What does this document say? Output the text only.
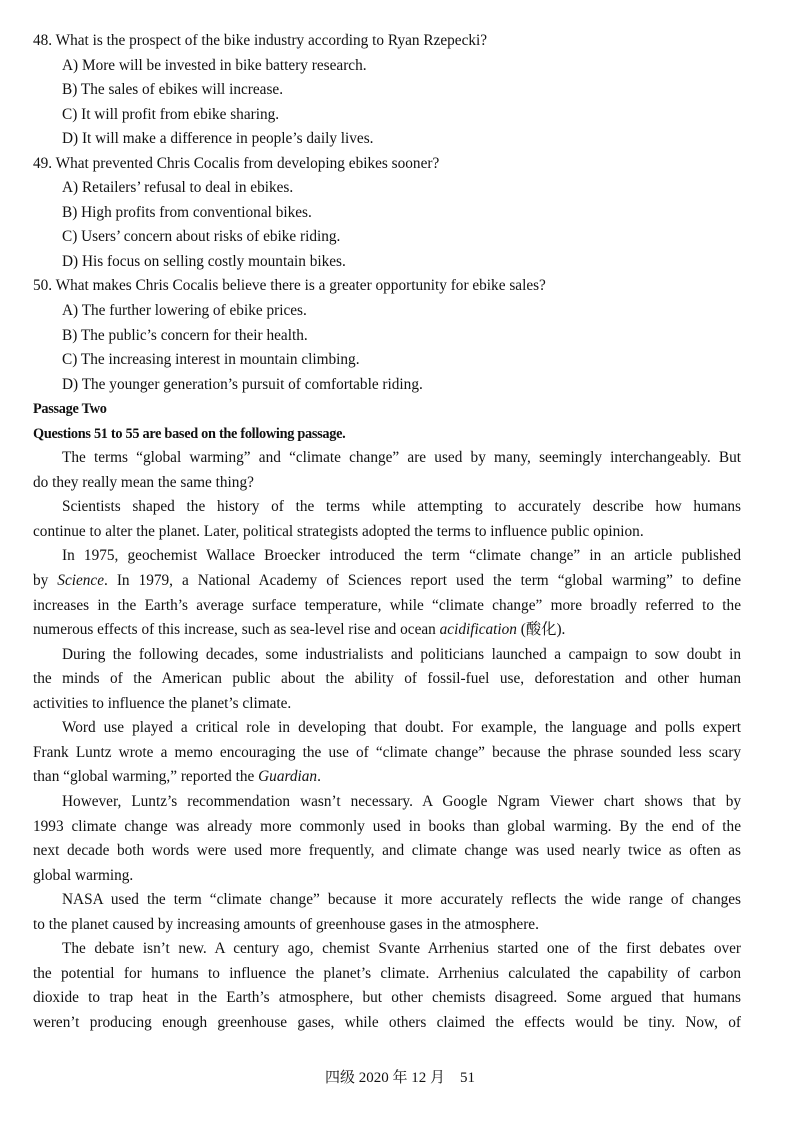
48. What is the prospect of the bike industry according to Ryan Rzepecki?
A) More will be invested in bike battery research.
B) The sales of ebikes will increase.
C) It will profit from ebike sharing.
D) It will make a difference in people’s daily lives.
49. What prevented Chris Cocalis from developing ebikes sooner?
A) Retailers’ refusal to deal in ebikes.
B) High profits from conventional bikes.
C) Users’ concern about risks of ebike riding.
D) His focus on selling costly mountain bikes.
50. What makes Chris Cocalis believe there is a greater opportunity for ebike sales?
A) The further lowering of ebike prices.
B) The public’s concern for their health.
C) The increasing interest in mountain climbing.
D) The younger generation’s pursuit of comfortable riding.
Passage Two
Questions 51 to 55 are based on the following passage.
The terms “global warming” and “climate change” are used by many, seemingly interchangeably. But
do they really mean the same thing?
Scientists shaped the history of the terms while attempting to accurately describe how humans
continue to alter the planet. Later, political strategists adopted the terms to influence public opinion.
In 1975, geochemist Wallace Broecker introduced the term “climate change” in an article published
by Science. In 1979, a National Academy of Sciences report used the term “global warming” to define
increases in the Earth’s average surface temperature, while “climate change” more broadly referred to the
numerous effects of this increase, such as sea-level rise and ocean acidification (酸化).
During the following decades, some industrialists and politicians launched a campaign to sow doubt in
the minds of the American public about the ability of fossil-fuel use, deforestation and other human
activities to influence the planet’s climate.
Word use played a critical role in developing that doubt. For example, the language and polls expert
Frank Luntz wrote a memo encouraging the use of “climate change” because the phrase sounded less scary
than “global warming,” reported the Guardian.
However, Luntz’s recommendation wasn’t necessary. A Google Ngram Viewer chart shows that by
1993 climate change was already more commonly used in books than global warming. By the end of the
next decade both words were used more frequently, and climate change was used nearly twice as often as
global warming.
NASA used the term “climate change” because it more accurately reflects the wide range of changes
to the planet caused by increasing amounts of greenhouse gases in the atmosphere.
The debate isn’t new. A century ago, chemist Svante Arrhenius started one of the first debates over
the potential for humans to influence the planet’s climate. Arrhenius calculated the capability of carbon
dioxide to trap heat in the Earth’s atmosphere, but other chemists disagreed. Some argued that humans
weren’t producing enough greenhouse gases, while others claimed the effects would be tiny. Now, of
四级 2020 年 12 月　51
